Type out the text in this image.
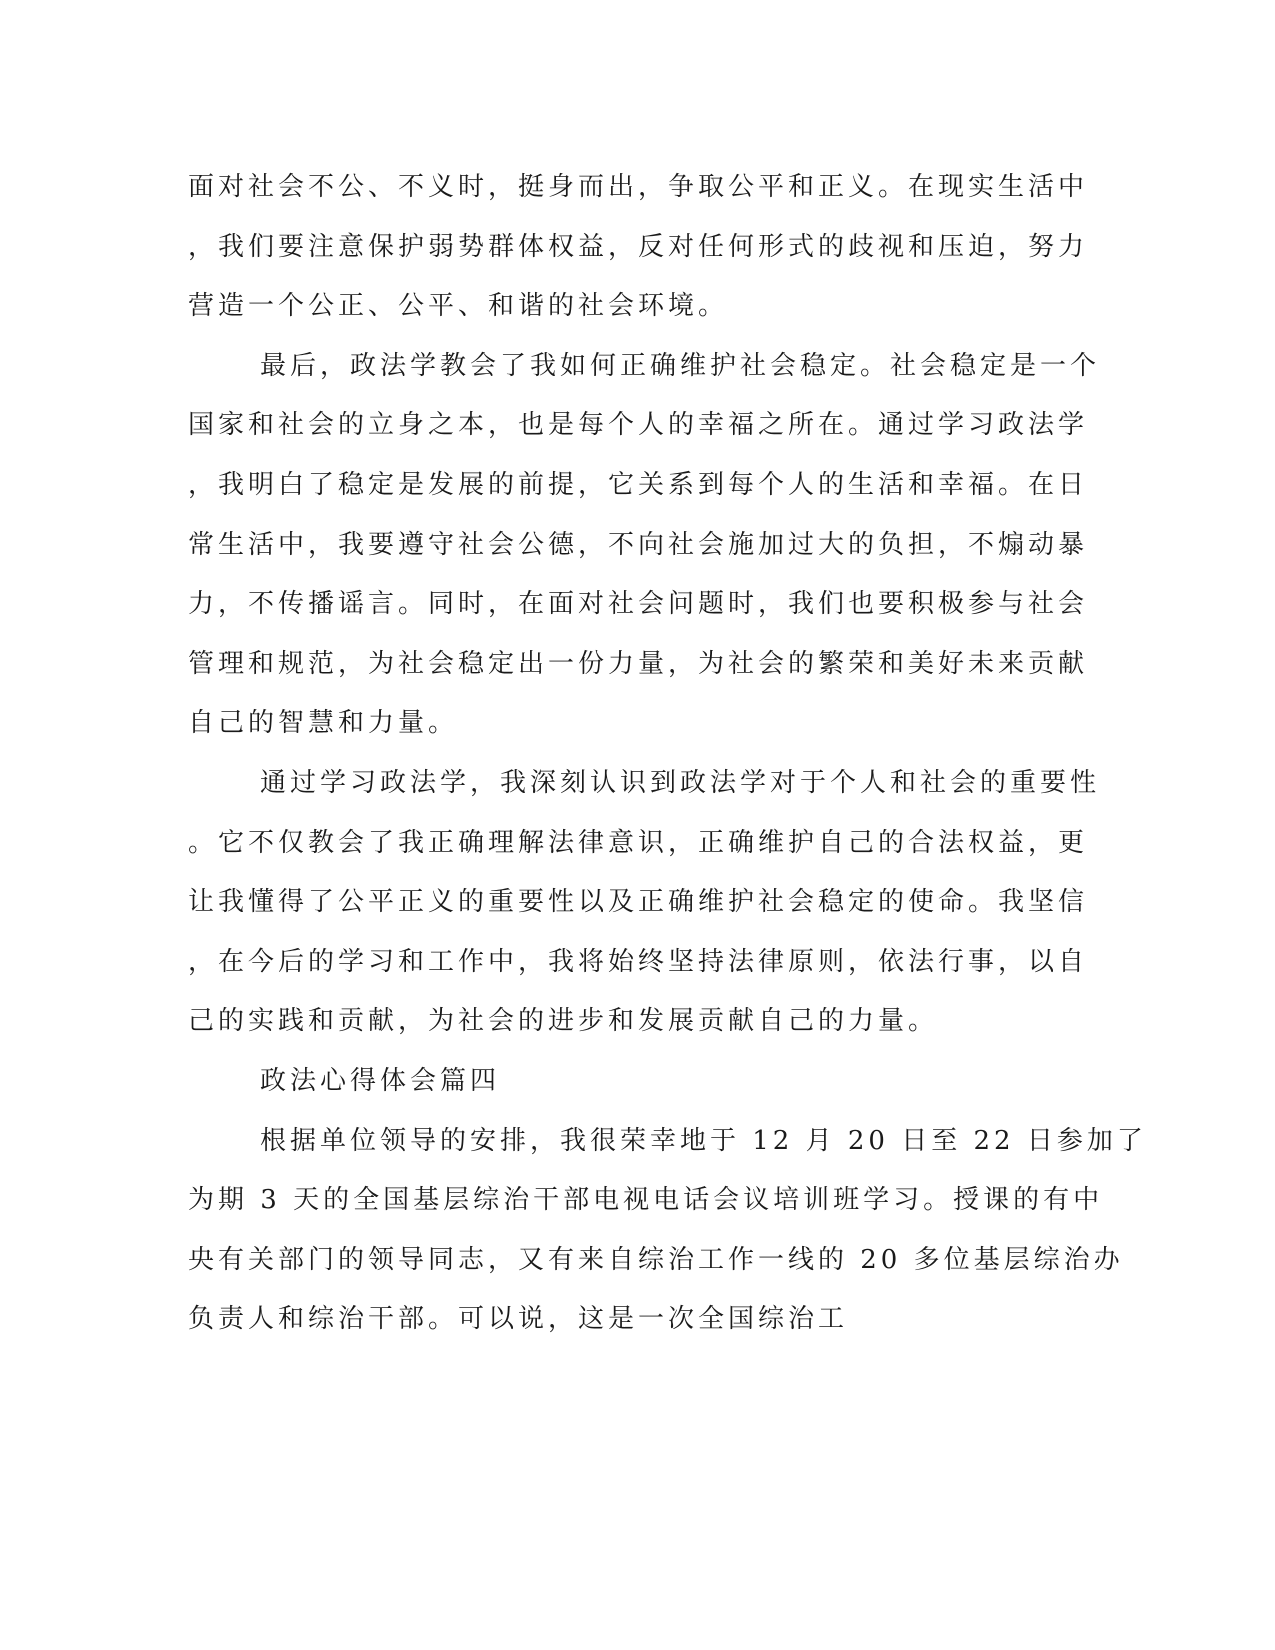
面对社会不公、不义时，挺身而出，争取公平和正义。在现实生活中
，我们要注意保护弱势群体权益，反对任何形式的歧视和压迫，努力
营造一个公正、公平、和谐的社会环境。
最后，政法学教会了我如何正确维护社会稳定。社会稳定是一个
国家和社会的立身之本，也是每个人的幸福之所在。通过学习政法学
，我明白了稳定是发展的前提，它关系到每个人的生活和幸福。在日
常生活中，我要遵守社会公德，不向社会施加过大的负担，不煽动暴
力，不传播谣言。同时，在面对社会问题时，我们也要积极参与社会
管理和规范，为社会稳定出一份力量，为社会的繁荣和美好未来贡献
自己的智慧和力量。
通过学习政法学，我深刻认识到政法学对于个人和社会的重要性
。它不仅教会了我正确理解法律意识，正确维护自己的合法权益，更
让我懂得了公平正义的重要性以及正确维护社会稳定的使命。我坚信
，在今后的学习和工作中，我将始终坚持法律原则，依法行事，以自
己的实践和贡献，为社会的进步和发展贡献自己的力量。
政法心得体会篇四
根据单位领导的安排，我很荣幸地于 12 月 20 日至 22 日参加了
为期 3 天的全国基层综治干部电视电话会议培训班学习。授课的有中
央有关部门的领导同志，又有来自综治工作一线的 20 多位基层综治办
负责人和综治干部。可以说，这是一次全国综治工
